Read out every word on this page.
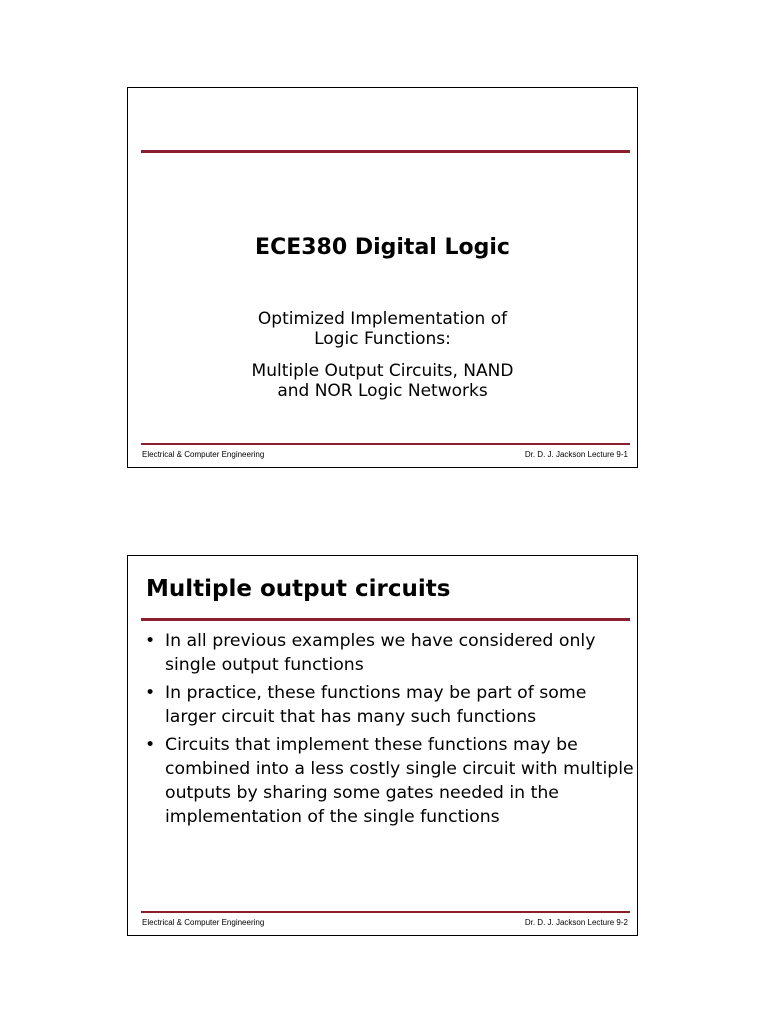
ECE380 Digital Logic
Optimized Implementation of
Logic Functions:
Multiple Output Circuits, NAND
and NOR Logic Networks
Electrical & Computer Engineering	Dr. D. J. Jackson Lecture 9-1
Multiple output circuits
• In all previous examples we have considered only single output functions
• In practice, these functions may be part of some larger circuit that has many such functions
• Circuits that implement these functions may be combined into a less costly single circuit with multiple outputs by sharing some gates needed in the implementation of the single functions
Electrical & Computer Engineering	Dr. D. J. Jackson Lecture 9-2
